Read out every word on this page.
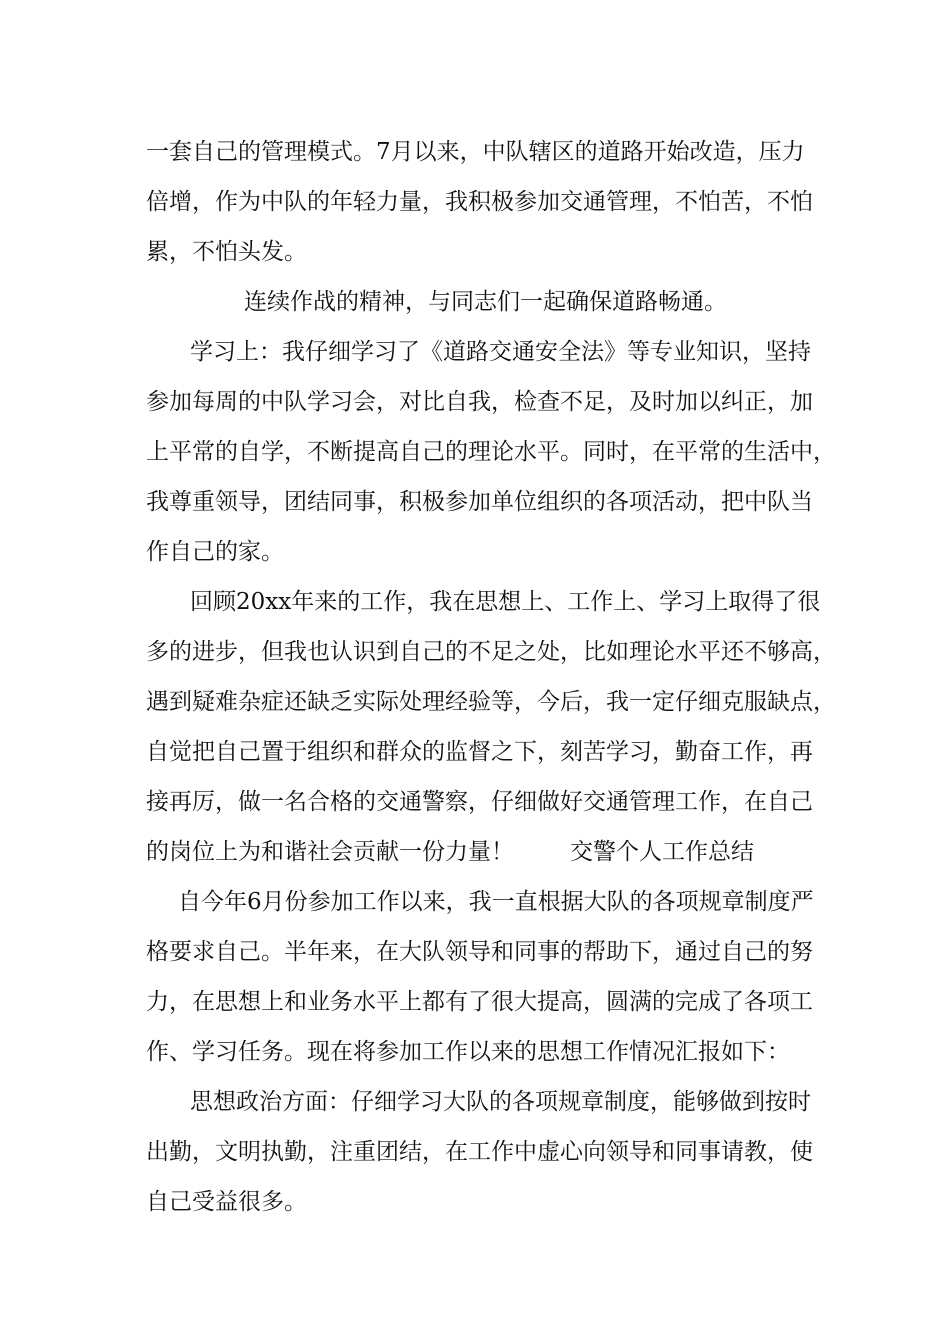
一套自己的管理模式。7月以来，中队辖区的道路开始改造，压力

倍增，作为中队的年轻力量，我积极参加交通管理，不怕苦，不怕

累，不怕头发。

连续作战的精神，与同志们一起确保道路畅通。

学习上：我仔细学习了《道路交通安全法》等专业知识，坚持

参加每周的中队学习会，对比自我，检查不足，及时加以纠正，加

上平常的自学，不断提高自己的理论水平。同时，在平常的生活中，

我尊重领导，团结同事，积极参加单位组织的各项活动，把中队当

作自己的家。

回顾20xx年来的工作，我在思想上、工作上、学习上取得了很

多的进步，但我也认识到自己的不足之处，比如理论水平还不够高，

遇到疑难杂症还缺乏实际处理经验等，今后，我一定仔细克服缺点，

自觉把自己置于组织和群众的监督之下，刻苦学习，勤奋工作，再

接再厉，做一名合格的交通警察，仔细做好交通管理工作，在自己

的岗位上为和谐社会贡献一份力量！	交警个人工作总结

自今年6月份参加工作以来，我一直根据大队的各项规章制度严

格要求自己。半年来，在大队领导和同事的帮助下，通过自己的努

力，在思想上和业务水平上都有了很大提高，圆满的完成了各项工

作、学习任务。现在将参加工作以来的思想工作情况汇报如下：

思想政治方面：仔细学习大队的各项规章制度，能够做到按时

出勤，文明执勤，注重团结，在工作中虚心向领导和同事请教，使

自己受益很多。
